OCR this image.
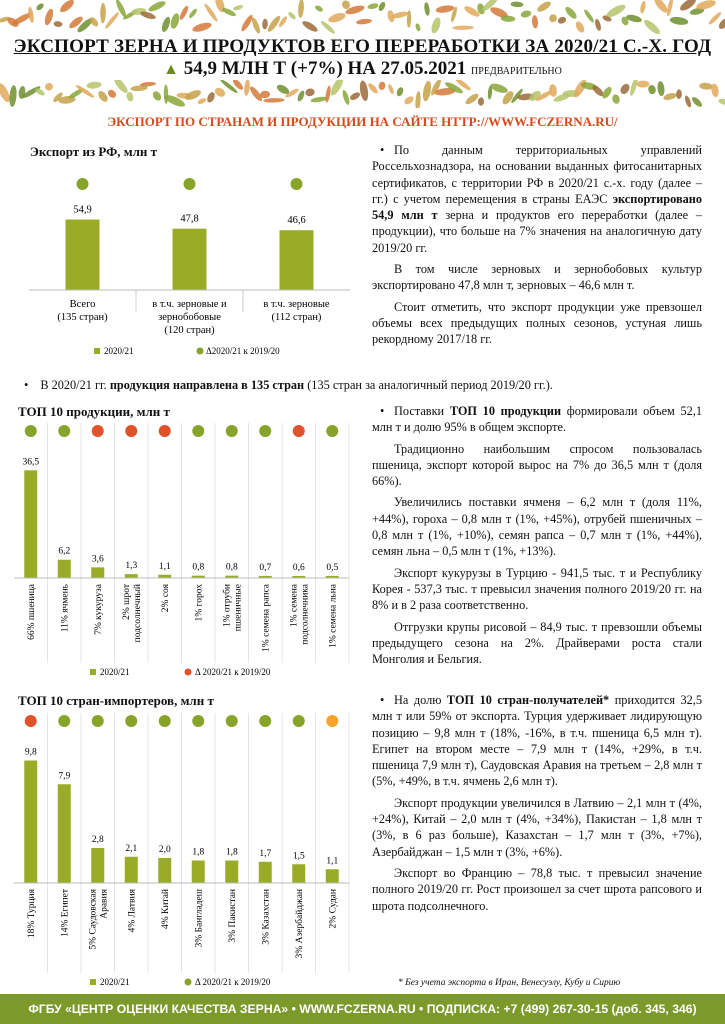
ЭКСПОРТ ЗЕРНА И ПРОДУКТОВ ЕГО ПЕРЕРАБОТКИ ЗА 2020/21 С.-Х. ГОД
▲ 54,9 МЛН Т (+7%) НА 27.05.2021 ПРЕДВАРИТЕЛЬНО
ЭКСПОРТ ПО СТРАНАМ И ПРОДУКЦИИ НА САЙТЕ HTTP://WWW.FCZERNA.RU/
Экспорт из РФ, млн т
54,9
Всего
(135 стран)
47,8
в т.ч. зерновые и
зернобобовые
(120 стран)
46,6
в т.ч. зерновые
(112 стран)
2020/21	Δ2020/21 к 2019/20
ТОП 10 продукции, млн т
36,5
66% пшеница
6,2
11% ячмень
3,6
7% кукуруза
1,3
2% шрот подсолнечный
1,1
2% соя
0,8
1% горох
0,8
1% отруби пшеничные
0,7
1% семена рапса
0,6
1% семена подсолнечника
0,5
1% семена льна
2020/21	Δ 2020/21 к 2019/20
ТОП 10 стран-импортеров, млн т
9,8
18% Турция
7,9
14% Египет
2,8
5% Саудовская Аравия
2,1
4% Латвия
2,0
4% Китай
1,8
3% Бангладеш
1,8
3% Пакистан
1,7
3% Казахстан
1,5
3% Азербайджан
1,1
2% Судан
2020/21	Δ 2020/21 к 2019/20

• По данным территориальных управлений Россельхознадзора, на основании выданных фитосанитарных сертификатов, с территории РФ в 2020/21 с.-х. году (далее – гг.) с учетом перемещения в страны ЕАЭС экспортировано 54,9 млн т зерна и продуктов его переработки (далее – продукции), что больше на 7% значения на аналогичную дату 2019/20 гг.

В том числе зерновых и зернобобовых культур экспортировано 47,8 млн т, зерновых – 46,6 млн т.

Стоит отметить, что экспорт продукции уже превзошел объемы всех предыдущих полных сезонов, устуная лишь рекордному 2017/18 гг.

• В 2020/21 гг. продукция направлена в 135 стран (135 стран за аналогичный период 2019/20 гг.).

• Поставки ТОП 10 продукции формировали объем 52,1 млн т и долю 95% в общем экспорте.

Традиционно наибольшим спросом пользовалась пшеница, экспорт которой вырос на 7% до 36,5 млн т (доля 66%).

Увеличились поставки ячменя – 6,2 млн т (доля 11%, +44%), гороха – 0,8 млн т (1%, +45%), отрубей пшеничных – 0,8 млн т (1%, +10%), семян рапса – 0,7 млн т (1%, +44%), семян льна – 0,5 млн т (1%, +13%).

Экспорт кукурузы в Турцию - 941,5 тыс. т и Республику Корея - 537,3 тыс. т превысил значения полного 2019/20 гг. на 8% и в 2 раза соответственно.

Отгрузки крупы рисовой – 84,9 тыс. т превзошли объемы предыдущего сезона на 2%. Драйверами роста стали Монголия и Бельгия.

• На долю ТОП 10 стран-получателей* приходится 32,5 млн т или 59% от экспорта. Турция удерживает лидирующую позицию – 9,8 млн т (18%, -16%, в т.ч. пшеница 6,5 млн т). Египет на втором месте – 7,9 млн т (14%, +29%, в т.ч. пшеница 7,9 млн т), Саудовская Аравия на третьем – 2,8 млн т (5%, +49%, в т.ч. ячмень 2,6 млн т).

Экспорт продукции увеличился в Латвию – 2,1 млн т (4%, +24%), Китай – 2,0 млн т (4%, +34%), Пакистан – 1,8 млн т (3%, в 6 раз больше), Казахстан – 1,7 млн т (3%, +7%), Азербайджан – 1,5 млн т (3%, +6%).

Экспорт во Францию – 78,8 тыс. т превысил значение полного 2019/20 гг. Рост произошел за счет шрота рапсового и шрота подсолнечного.

* Без учета экспорта в Иран, Венесуэлу, Кубу и Сирию
ФГБУ «ЦЕНТР ОЦЕНКИ КАЧЕСТВА ЗЕРНА» • WWW.FCZERNA.RU • ПОДПИСКА: +7 (499) 267-30-15 (доб. 345, 346)
